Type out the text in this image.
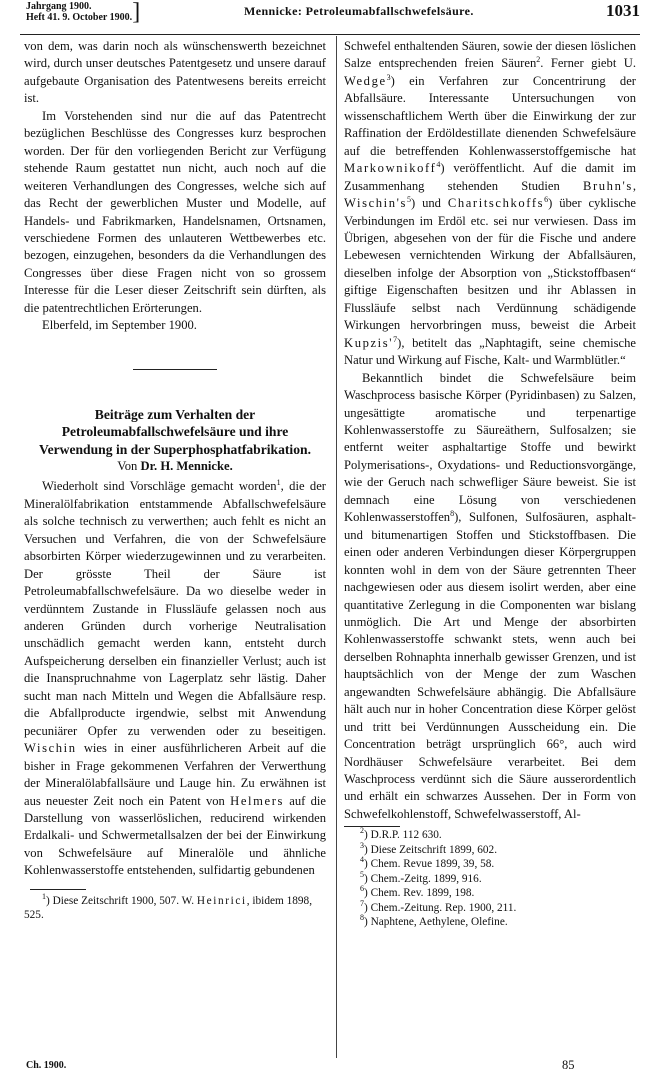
Jahrgang 1900.
Heft 41. 9. October 1900. ]	Mennicke: Petroleumabfallschwefelsäure.	1031

von dem, was darin noch als wünschenswerth bezeichnet wird, durch unser deutsches Patentgesetz und unsere darauf aufgebaute Organisation des Patentwesens bereits erreicht ist.

Im Vorstehenden sind nur die auf das Patentrecht bezüglichen Beschlüsse des Congresses kurz besprochen worden. Der für den vorliegenden Bericht zur Verfügung stehende Raum gestattet nun nicht, auch noch auf die weiteren Verhandlungen des Congresses, welche sich auf das Recht der gewerblichen Muster und Modelle, auf Handels- und Fabrikmarken, Handelsnamen, Ortsnamen, verschiedene Formen des unlauteren Wettbewerbes etc. bezogen, einzugehen, besonders da die Verhandlungen des Congresses über diese Fragen nicht von so grossem Interesse für die Leser dieser Zeitschrift sein dürften, als die patentrechtlichen Erörterungen.

Elberfeld, im September 1900.

Beiträge zum Verhalten der Petroleumabfallschwefelsäure und ihre Verwendung in der Superphosphatfabrikation.
Von Dr. H. Mennicke.

Wiederholt sind Vorschläge gemacht worden$^1$, die der Mineralölfabrikation entstammende Abfallschwefelsäure als solche technisch zu verwerthen; auch fehlt es nicht an Versuchen und Verfahren, die von der Schwefelsäure absorbirten Körper wiederzugewinnen und zu verarbeiten. Der grösste Theil der Säure ist Petroleumabfallschwefelsäure. Da wo dieselbe weder in verdünntem Zustande in Flussläufe gelassen noch aus anderen Gründen durch vorherige Neutralisation unschädlich gemacht werden kann, entsteht durch Aufspeicherung derselben ein finanzieller Verlust; auch ist die Inanspruchnahme von Lagerplatz sehr lästig. Daher sucht man nach Mitteln und Wegen die Abfallsäure resp. die Abfallproducte irgendwie, selbst mit Anwendung pecuniärer Opfer zu verwenden oder zu beseitigen. Wischin wies in einer ausführlicheren Arbeit auf die bisher in Frage gekommenen Verfahren der Verwerthung der Mineralölabfallsäure und Lauge hin. Zu erwähnen ist aus neuester Zeit noch ein Patent von Helmers auf die Darstellung von wasserlöslichen, reducirend wirkenden Erdalkali- und Schwermetallsalzen der bei der Einwirkung von Schwefelsäure auf Mineralöle und ähnliche Kohlenwasserstoffe entstehenden, sulfidartig gebundenen

$^1$) Diese Zeitschrift 1900, 507. W. Heinrici, ibidem 1898, 525.

Schwefel enthaltenden Säuren, sowie der diesen löslichen Salze entsprechenden freien Säuren$^2$. Ferner giebt U. Wedge$^3$) ein Verfahren zur Concentrirung der Abfallsäure. Interessante Untersuchungen von wissenschaftlichem Werth über die Einwirkung der zur Raffination der Erdöldestillate dienenden Schwefelsäure auf die betreffenden Kohlenwasserstoffgemische hat Markownikoff$^4$) veröffentlicht. Auf die damit im Zusammenhang stehenden Studien Bruhn's, $Wischin's^5$) und Charitschkoffs$^6$) über cyklische Verbindungen im Erdöl etc. sei nur verwiesen. Dass im Übrigen, abgesehen von der für die Fische und andere Lebewesen vernichtenden Wirkung der Abfallsäuren, dieselben infolge der Absorption von „Stickstoffbasen“ giftige Eigenschaften besitzen und ihr Ablassen in Flussläufe selbst nach Verdünnung schädigende Wirkungen hervorbringen muss, beweist die Arbeit $Kupzis'^7$), betitelt das „Naphtagift, seine chemische Natur und Wirkung auf Fische, Kalt- und Warmblütler.“

Bekanntlich bindet die Schwefelsäure beim Waschprocess basische Körper (Pyridinbasen) zu Salzen, ungesättigte aromatische und terpenartige Kohlenwasserstoffe zu Säureäthern, Sulfosalzen; sie entfernt weiter asphaltartige Stoffe und bewirkt Polymerisations-, Oxydations- und Reductionsvorgänge, wie der Geruch nach schwefliger Säure beweist. Sie ist demnach eine Lösung von verschiedenen Kohlenwasserstoffen$^8$), Sulfonen, Sulfosäuren, asphalt- und bitumenartigen Stoffen und Stickstoffbasen. Die einen oder anderen Verbindungen dieser Körpergruppen konnten wohl in dem von der Säure getrennten Theer nachgewiesen oder aus diesem isolirt werden, aber eine quantitative Zerlegung in die Componenten war bislang unmöglich. Die Art und Menge der absorbirten Kohlenwasserstoffe schwankt stets, wenn auch bei derselben Rohnaphta innerhalb gewisser Grenzen, und ist hauptsächlich von der Menge der zum Waschen angewandten Schwefelsäure abhängig. Die Abfallsäure hält auch nur in hoher Concentration diese Körper gelöst und tritt bei Verdünnungen Ausscheidung ein. Die Concentration beträgt ursprünglich 66°, auch wird Nordhäuser Schwefelsäure verarbeitet. Bei dem Waschprocess verdünnt sich die Säure ausserordentlich und erhält ein schwarzes Aussehen. Der in Form von Schwefelkohlenstoff, Schwefelwasserstoff, Al-

$^2$) D.R.P. 112 630.
$^3$) Diese Zeitschrift 1899, 602.
$^4$) Chem. Revue 1899, 39, 58.
$^5$) Chem.-Zeitg. 1899, 916.
$^6$) Chem. Rev. 1899, 198.
$^7$) Chem.-Zeitung. Rep. 1900, 211.
$^8$) Naphtene, Aethylene, Olefine.
Ch. 1900.	85
